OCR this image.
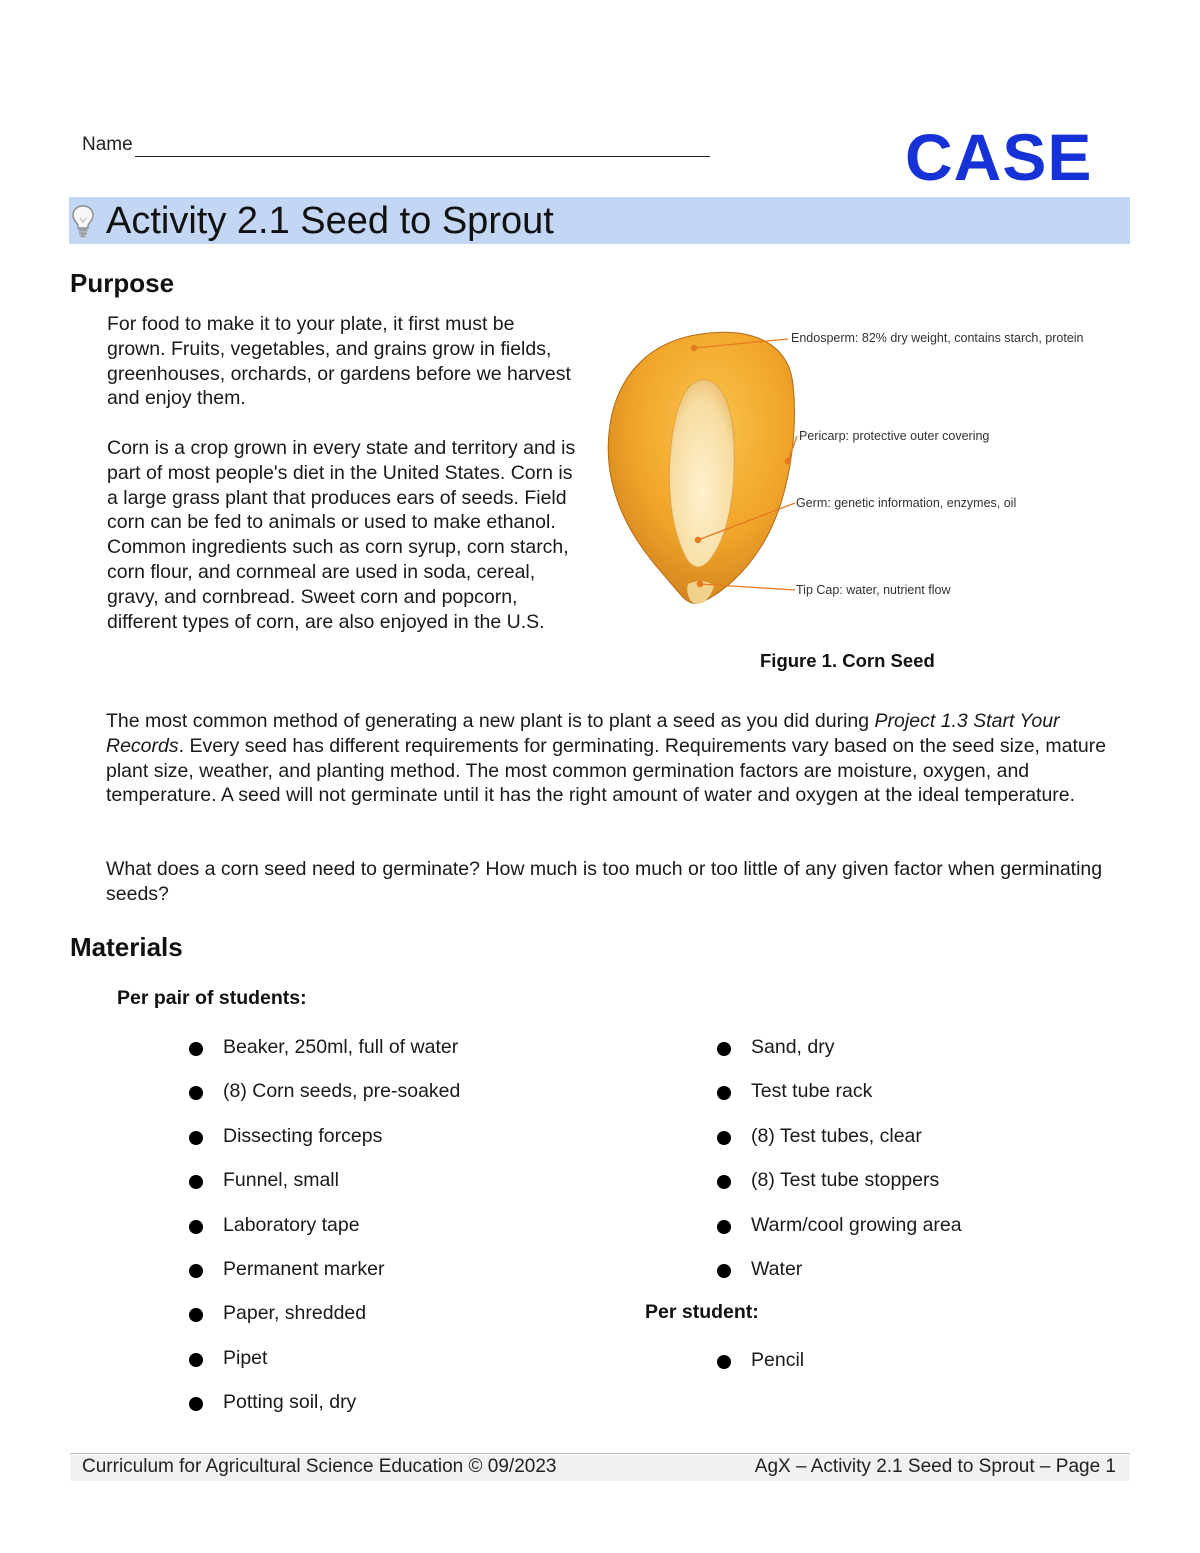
Name	CASE
Activity 2.1 Seed to Sprout
Purpose

For food to make it to your plate, it first must be grown. Fruits, vegetables, and grains grow in fields, greenhouses, orchards, or gardens before we harvest and enjoy them.

Corn is a crop grown in every state and territory and is part of most people's diet in the United States. Corn is a large grass plant that produces ears of seeds. Field corn can be fed to animals or used to make ethanol. Common ingredients such as corn syrup, corn starch, corn flour, and cornmeal are used in soda, cereal, gravy, and cornbread. Sweet corn and popcorn, different types of corn, are also enjoyed in the U.S.

Endosperm: 82% dry weight, contains starch, protein
Pericarp: protective outer covering
Germ: genetic information, enzymes, oil
Tip Cap: water, nutrient flow
Figure 1. Corn Seed

The most common method of generating a new plant is to plant a seed as you did during Project 1.3 Start Your Records. Every seed has different requirements for germinating. Requirements vary based on the seed size, mature plant size, weather, and planting method. The most common germination factors are moisture, oxygen, and temperature. A seed will not germinate until it has the right amount of water and oxygen at the ideal temperature.

What does a corn seed need to germinate? How much is too much or too little of any given factor when germinating seeds?

Materials
Per pair of students:
Beaker, 250ml, full of water
(8) Corn seeds, pre-soaked
Dissecting forceps
Funnel, small
Laboratory tape
Permanent marker
Paper, shredded
Pipet
Potting soil, dry
Sand, dry
Test tube rack
(8) Test tubes, clear
(8) Test tube stoppers
Warm/cool growing area
Water
Per student:
Pencil
Curriculum for Agricultural Science Education © 09/2023	AgX – Activity 2.1 Seed to Sprout – Page 1
